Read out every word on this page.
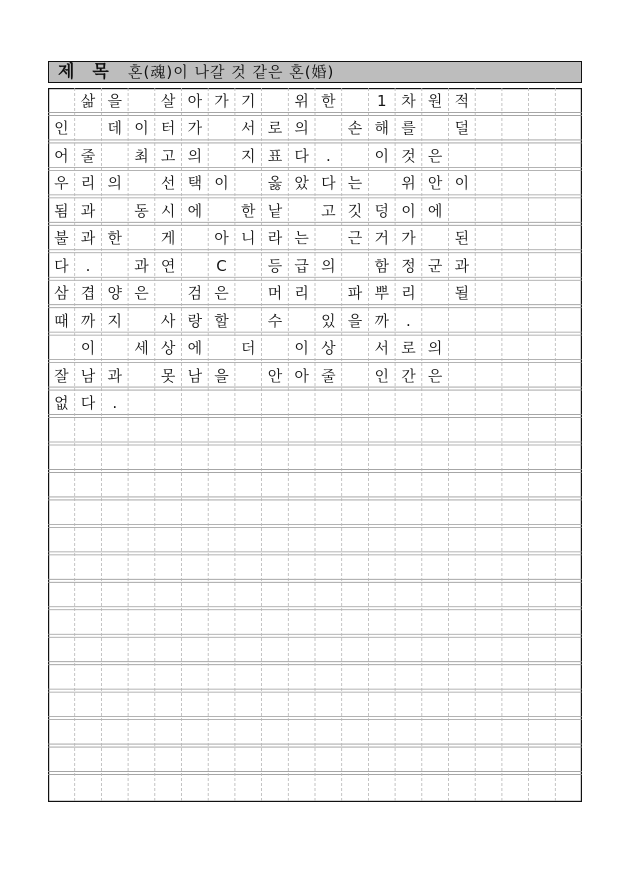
제 목 혼(魂)이 나갈 것 같은 혼(婚)
삶 을	살 아 가 기	위 한	1 차 원 적
인	데 이 터 가	서 로 의	손 해 를	덜
어 줄	최 고 의	지 표 다	.	이 것 은
우 리 의	선 택 이	옳 았 다 는	위 안 이
됨 과	동 시 에	한 낱	고 깃 덩 이 에
불 과 한	게	아 니 라 는	근 거 가	된
다	.	과 연	C	등 급 의	함 정 군 과
삼 겹 양 은	검 은	머 리	파 뿌 리	될
때 까 지	사 랑 할	수	있 을 까	.
이	세 상 에	더	이 상	서 로 의
잘 남 과	못 남 을	안 아 줄	인 간 은
없 다	.
